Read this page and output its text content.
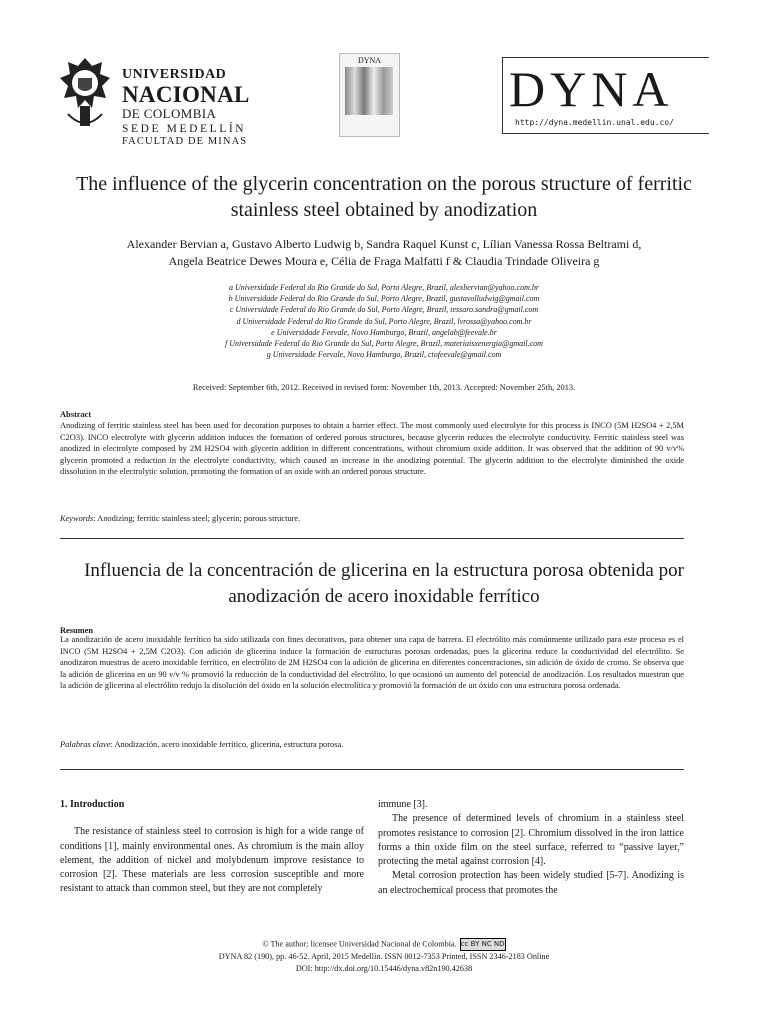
UNIVERSIDAD
NACIONAL
DE COLOMBIA
SEDE MEDELLÍN
FACULTAD DE MINAS
DYNA
DYNA
http://dyna.medellin.unal.edu.co/
The influence of the glycerin concentration on the porous structure of ferritic stainless steel obtained by anodization
Alexander Bervian a, Gustavo Alberto Ludwig b, Sandra Raquel Kunst c, Lílian Vanessa Rossa Beltrami d,
Angela Beatrice Dewes Moura e, Célia de Fraga Malfatti f & Claudia Trindade Oliveira g
a Universidade Federal do Rio Grande do Sul, Porto Alegre, Brazil, alexbervian@yahoo.com.br
b Universidade Federal do Rio Grande do Sul, Porto Alegre, Brazil, gustavolludwig@gmail.com
c Universidade Federal do Rio Grande do Sul, Porto Alegre, Brazil, tessaro.sandra@gmail.com
d Universidade Federal do Rio Grande do Sul, Porto Alegre, Brazil, lvrossa@yahoo.com.br
e Universidade Feevale, Novo Hamburgo, Brazil, angelab@feevale.br
f Universidade Federal do Rio Grande do Sul, Porto Alegre, Brazil, materiaisxenergia@gmail.com
g Universidade Feevale, Novo Hamburgo, Brazil, ctofeevale@gmail.com
Received: September 6th, 2012. Received in revised form: November 1th, 2013. Accepted: November 25th, 2013.
Abstract
Anodizing of ferritic stainless steel has been used for decoration purposes to obtain a barrier effect. The most commonly used electrolyte for this process is INCO (5M H2SO4 + 2,5M C2O3). INCO electrolyte with glycerin addition induces the formation of ordered porous structures, because glycerin reduces the electrolyte conductivity. Ferritic stainless steel was anodized in electrolyte composed by 2M H2SO4 with glycerin addition in different concentrations, without chromium oxide addition. It was observed that the addition of 90 v/v% glycerin promoted a reduction in the electrolyte conductivity, which caused an increase in the anodizing potential. The glycerin addition to the electrolyte diminished the oxide dissolution in the electrolytic solution, promoting the formation of an oxide with an ordered porous structure.
Keywords: Anodizing; ferritic stainless steel; glycerin; porous structure.
Influencia de la concentración de glicerina en la estructura porosa obtenida por anodización de acero inoxidable ferrítico
Resumen
La anodización de acero inoxidable ferrítico ha sido utilizada con fines decorativos, para obtener una capa de barrera. El electrólito más comúnmente utilizado para este proceso es el INCO (5M H2SO4 + 2,5M C2O3). Con adición de glicerina induce la formación de estructuras porosas ordenadas, pues la glicerina reduce la conductividad del electrólito. Se anodizaron muestras de acero inoxidable ferrítico, en electrólito de 2M H2SO4 con la adición de glicerina en diferentes concentraciones, sin adición de óxido de cromo. Se observa que la adición de glicerina en un 90 v/v % promovió la reducción de la conductividad del electrólito, lo que ocasionó un aumento del potencial de anodización. Los resultados muestran que la adición de glicerina al electrólito redujo la disolución del óxido en la solución electrolítica y promovió la formación de un óxido con una estructura porosa ordenada.
Palabras clave: Anodización, acero inoxidable ferrítico, glicerina, estructura porosa.
1. Introduction

The resistance of stainless steel to corrosion is high for a wide range of conditions [1], mainly environmental ones. As chromium is the main alloy element, the addition of nickel and molybdenum improve resistance to corrosion [2]. These materials are less corrosion susceptible and more resistant to attack than common steel, but they are not completely

immune [3].

The presence of determined levels of chromium in a stainless steel promotes resistance to corrosion [2]. Chromium dissolved in the iron lattice forms a thin oxide film on the steel surface, referred to “passive layer,” protecting the metal against corrosion [4].

Metal corrosion protection has been widely studied [5-7]. Anodizing is an electrochemical process that promotes the

© The author; licensee Universidad Nacional de Colombia. cc BY NC ND
DYNA 82 (190), pp. 46-52. April, 2015 Medellín. ISSN 0012-7353 Printed, ISSN 2346-2183 Online
DOI: http://dx.doi.org/10.15446/dyna.v82n190.42638
